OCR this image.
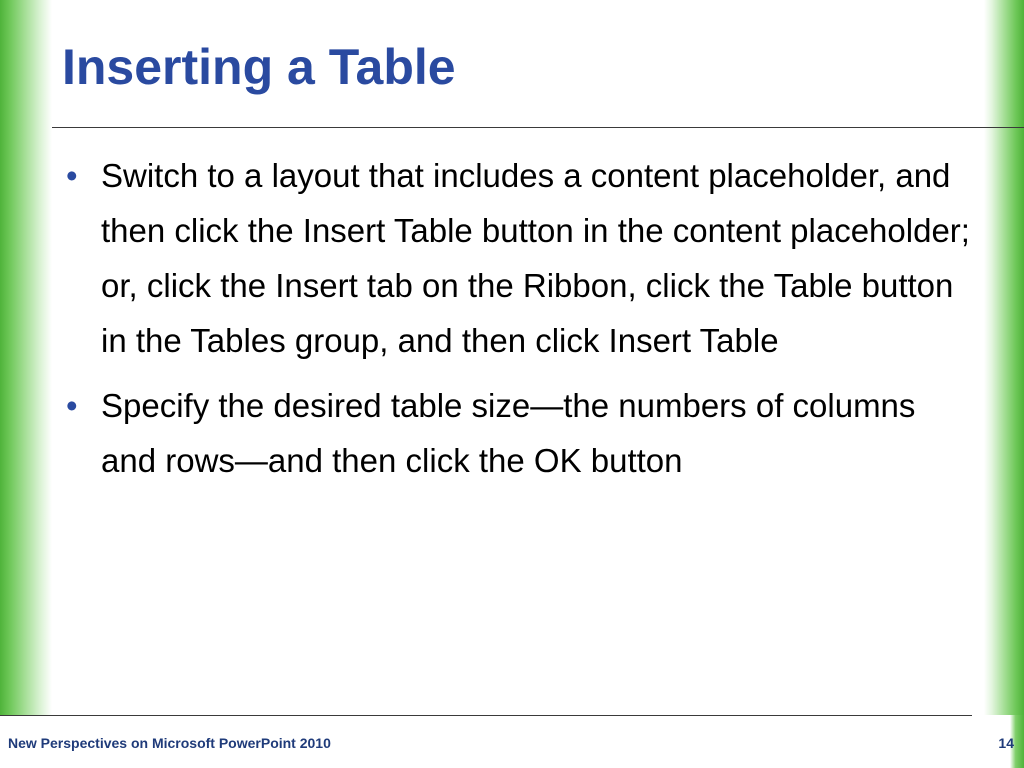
Inserting a Table
• Switch to a layout that includes a content placeholder, and then click the Insert Table button in the content placeholder; or, click the Insert tab on the Ribbon, click the Table button in the Tables group, and then click Insert Table
• Specify the desired table size—the numbers of columns and rows—and then click the OK button
New Perspectives on Microsoft PowerPoint 2010	14
